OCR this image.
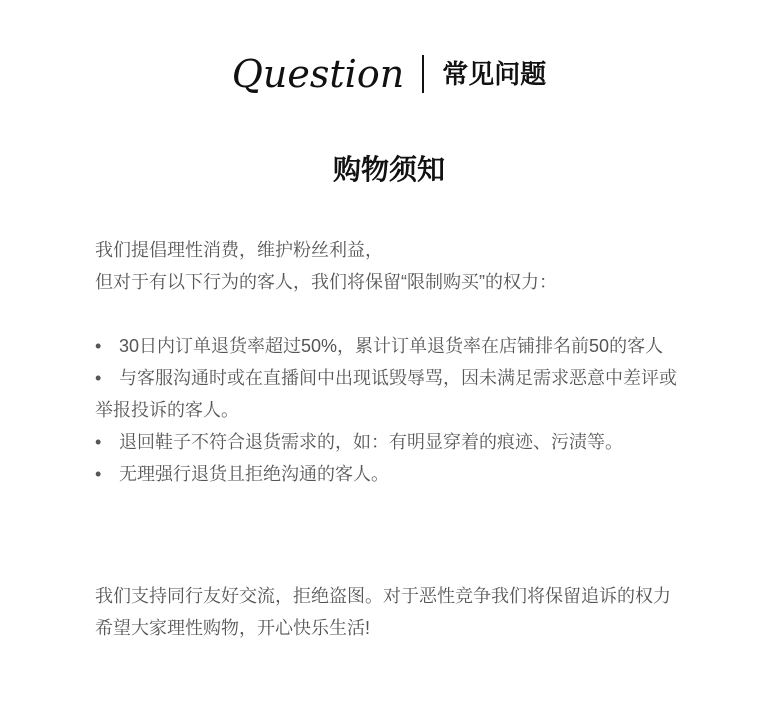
Question 常见问题
购物须知

我们提倡理性消费，维护粉丝利益，

但对于有以下行为的客人，我们将保留“限制购买”的权力：

• 30日内订单退货率超过50%，累计订单退货率在店铺排名前50的客人
• 与客服沟通时或在直播间中出现诋毁辱骂，因未满足需求恶意中差评或举报投诉的客人。
• 退回鞋子不符合退货需求的，如：有明显穿着的痕迹、污渍等。
• 无理强行退货且拒绝沟通的客人。

我们支持同行友好交流，拒绝盗图。对于恶性竞争我们将保留追诉的权力希望大家理性购物，开心快乐生活!
